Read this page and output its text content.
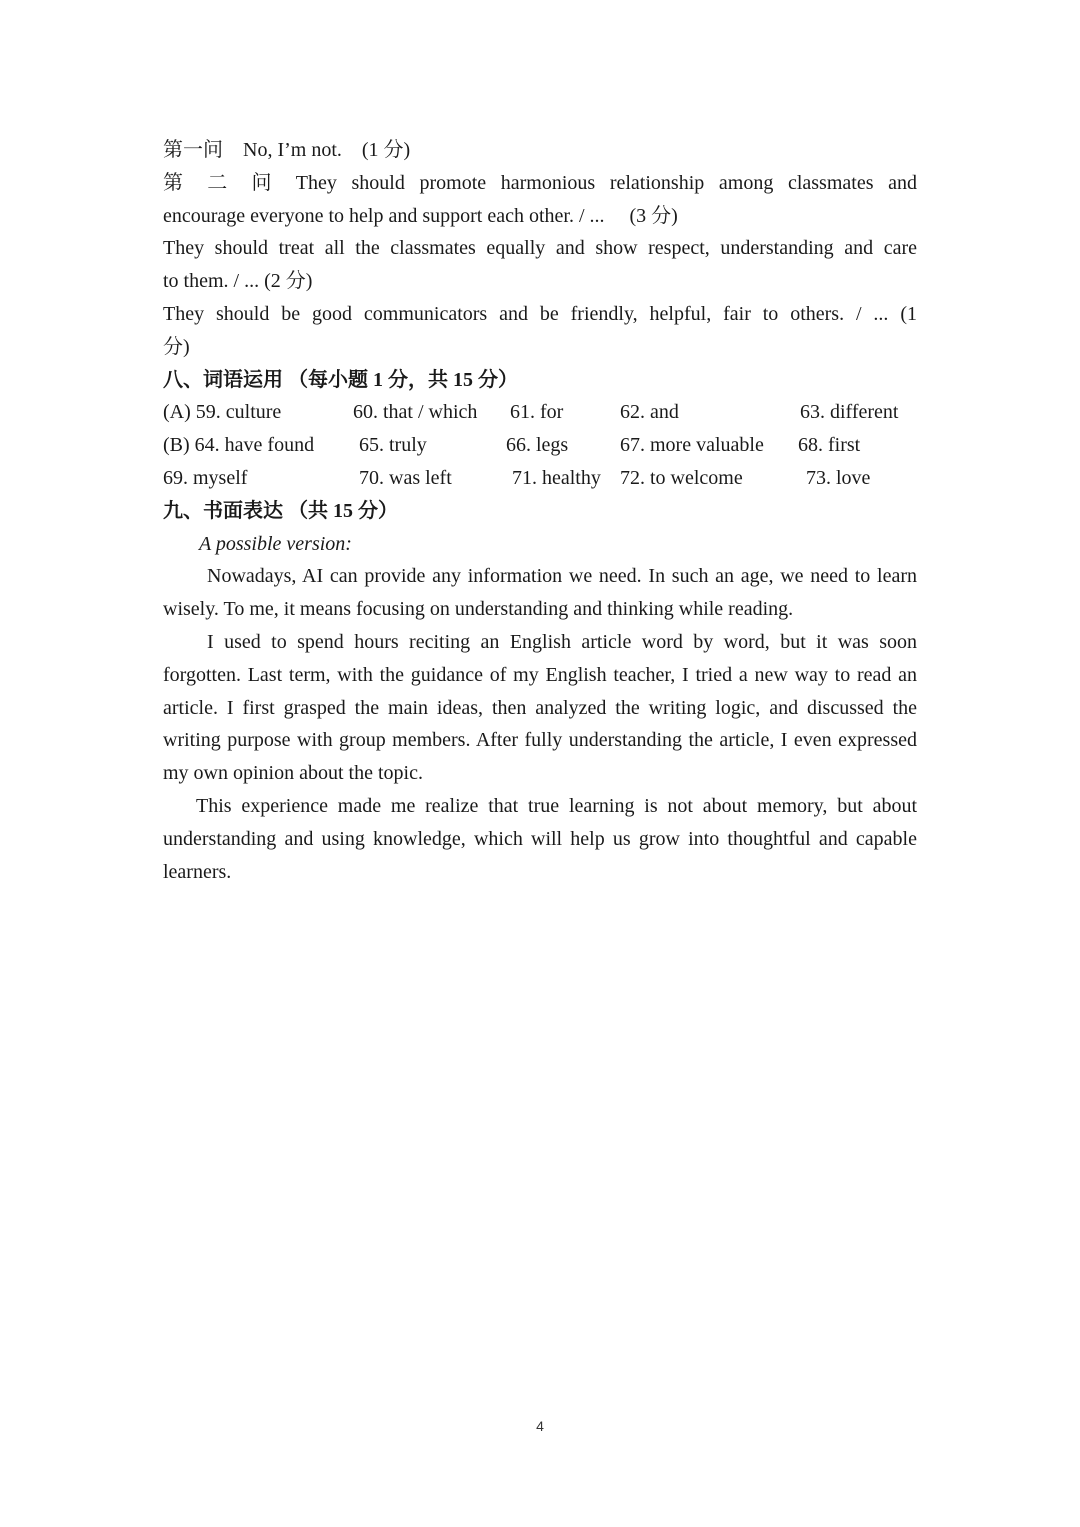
第一问 No, I’m not. (1 分)

第 二 问 They should promote harmonious relationship among classmates and

encourage everyone to help and support each other. / ...     (3 分)

They should treat all the classmates equally and show respect, understanding and care

to them. / ... (2 分)

They should be good communicators and be friendly, helpful, fair to others. / ... (1

分)

八、词语运用 （每小题 1 分，共 15 分）

(A) 59. culture	60. that / which 61. for	62. and	63. different
(B) 64. have found 65. truly	66. legs	67. more valuable 68. first
69. myself	70. was left	71. healthy 72. to welcome	73. love

九、书面表达 （共 15 分）

A possible version:

Nowadays, AI can provide any information we need. In such an age, we need to learn wisely. To me, it means focusing on understanding and thinking while reading.

I used to spend hours reciting an English article word by word, but it was soon forgotten. Last term, with the guidance of my English teacher, I tried a new way to read an article. I first grasped the main ideas, then analyzed the writing logic, and discussed the writing purpose with group members. After fully understanding the article, I even expressed my own opinion about the topic.

This experience made me realize that true learning is not about memory, but about understanding and using knowledge, which will help us grow into thoughtful and capable learners.

4
